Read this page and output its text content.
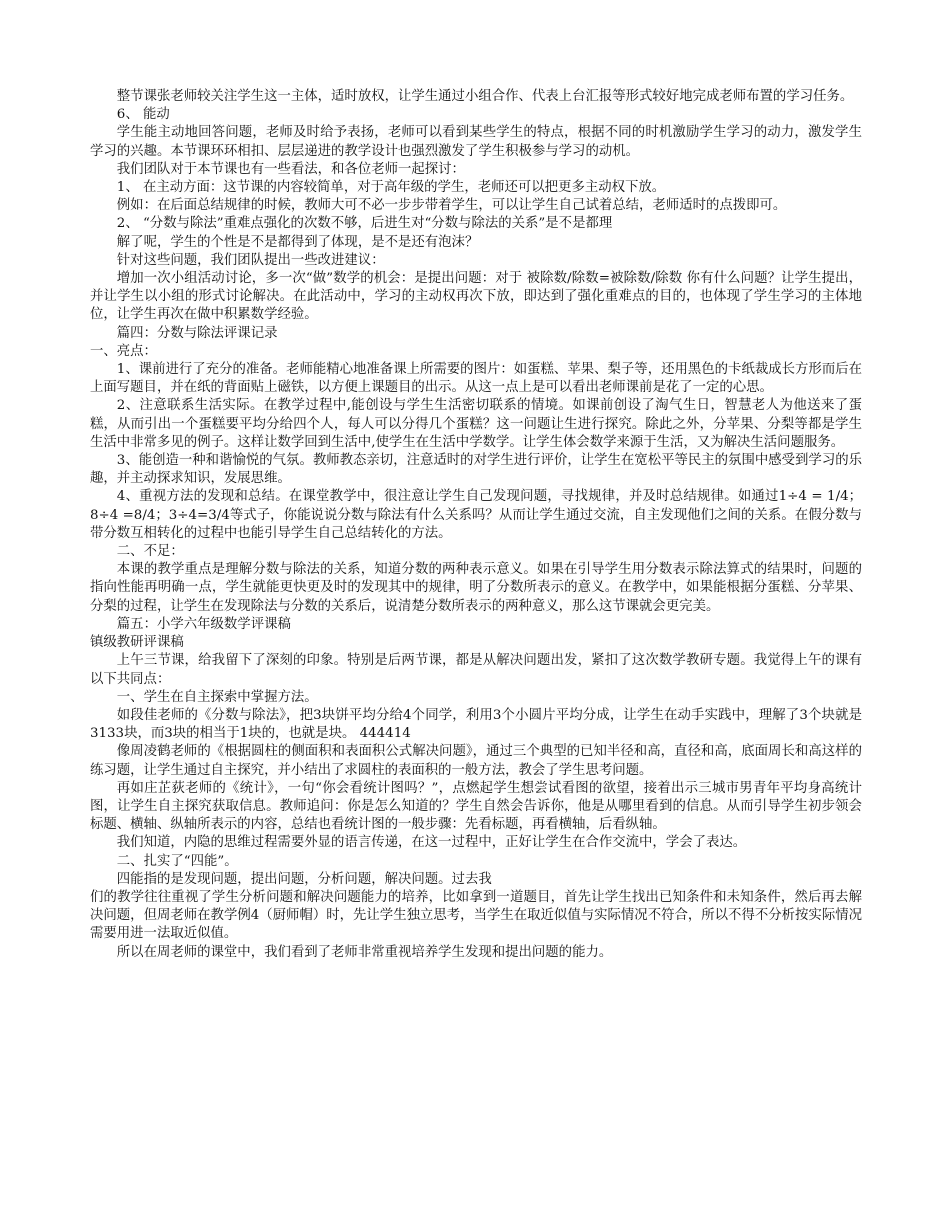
整节课张老师较关注学生这一主体，适时放权，让学生通过小组合作、代表上台汇报等形式较好地完成老师布置的学习任务。

6、 能动

学生能主动地回答问题，老师及时给予表扬，老师可以看到某些学生的特点，根据不同的时机激励学生学习的动力，激发学生学习的兴趣。本节课环环相扣、层层递进的教学设计也强烈激发了学生积极参与学习的动机。

我们团队对于本节课也有一些看法，和各位老师一起探讨：

1、 在主动方面：这节课的内容较简单，对于高年级的学生，老师还可以把更多主动权下放。

例如：在后面总结规律的时候，教师大可不必一步步带着学生，可以让学生自己试着总结，老师适时的点拨即可。

2、 “分数与除法”重难点强化的次数不够，后进生对“分数与除法的关系”是不是都理

解了呢，学生的个性是不是都得到了体现，是不是还有泡沫？

针对这些问题，我们团队提出一些改进建议：

增加一次小组活动讨论，多一次“做”数学的机会：是提出问题：对于 被除数/除数=被除数/除数 你有什么问题？让学生提出，并让学生以小组的形式讨论解决。在此活动中，学习的主动权再次下放，即达到了强化重难点的目的，也体现了学生学习的主体地位，让学生再次在做中积累数学经验。

篇四：分数与除法评课记录

一、亮点：

1、课前进行了充分的准备。老师能精心地准备课上所需要的图片：如蛋糕、苹果、梨子等，还用黑色的卡纸裁成长方形而后在上面写题目，并在纸的背面贴上磁铁，以方便上课题目的出示。从这一点上是可以看出老师课前是花了一定的心思。

2、注意联系生活实际。在教学过程中,能创设与学生生活密切联系的情境。如课前创设了淘气生日，智慧老人为他送来了蛋糕，从而引出一个蛋糕要平均分给四个人，每人可以分得几个蛋糕？这一问题让生进行探究。除此之外，分苹果、分梨等都是学生生活中非常多见的例子。这样让数学回到生活中,使学生在生活中学数学。让学生体会数学来源于生活，又为解决生活问题服务。

3、能创造一种和谐愉悦的气氛。教师教态亲切，注意适时的对学生进行评价，让学生在宽松平等民主的氛围中感受到学习的乐趣，并主动探求知识，发展思维。

4、重视方法的发现和总结。在课堂教学中，很注意让学生自己发现问题，寻找规律，并及时总结规律。如通过1÷4 = 1/4； 8÷4 =8/4；3÷4=3/4等式子，你能说说分数与除法有什么关系吗？从而让学生通过交流，自主发现他们之间的关系。在假分数与带分数互相转化的过程中也能引导学生自己总结转化的方法。

二、不足：

本课的教学重点是理解分数与除法的关系，知道分数的两种表示意义。如果在引导学生用分数表示除法算式的结果时，问题的指向性能再明确一点，学生就能更快更及时的发现其中的规律，明了分数所表示的意义。在教学中，如果能根据分蛋糕、分苹果、分梨的过程，让学生在发现除法与分数的关系后，说清楚分数所表示的两种意义，那么这节课就会更完美。

篇五：小学六年级数学评课稿

镇级教研评课稿

上午三节课，给我留下了深刻的印象。特别是后两节课，都是从解决问题出发，紧扣了这次数学教研专题。我觉得上午的课有以下共同点：

一、学生在自主探索中掌握方法。

如段佳老师的《分数与除法》，把3块饼平均分给4个同学，利用3个小圆片平均分成，让学生在动手实践中，理解了3个块就是3133块，而3块的相当于1块的，也就是块。 444414

像周凌鹤老师的《根据圆柱的侧面积和表面积公式解决问题》，通过三个典型的已知半径和高，直径和高，底面周长和高这样的练习题，让学生通过自主探究，并小结出了求圆柱的表面积的一般方法，教会了学生思考问题。

再如庄芷荻老师的《统计》，一句“你会看统计图吗？”，点燃起学生想尝试看图的欲望，接着出示三城市男青年平均身高统计图，让学生自主探究获取信息。教师追问：你是怎么知道的？学生自然会告诉你，他是从哪里看到的信息。从而引导学生初步领会标题、横轴、纵轴所表示的内容，总结也看统计图的一般步骤：先看标题，再看横轴，后看纵轴。

我们知道，内隐的思维过程需要外显的语言传递，在这一过程中，正好让学生在合作交流中，学会了表达。

二、扎实了“四能”。

四能指的是发现问题，提出问题，分析问题，解决问题。过去我

们的教学往往重视了学生分析问题和解决问题能力的培养，比如拿到一道题目，首先让学生找出已知条件和未知条件，然后再去解决问题，但周老师在教学例4（厨师帽）时，先让学生独立思考，当学生在取近似值与实际情况不符合，所以不得不分析按实际情况需要用进一法取近似值。

所以在周老师的课堂中，我们看到了老师非常重视培养学生发现和提出问题的能力。
